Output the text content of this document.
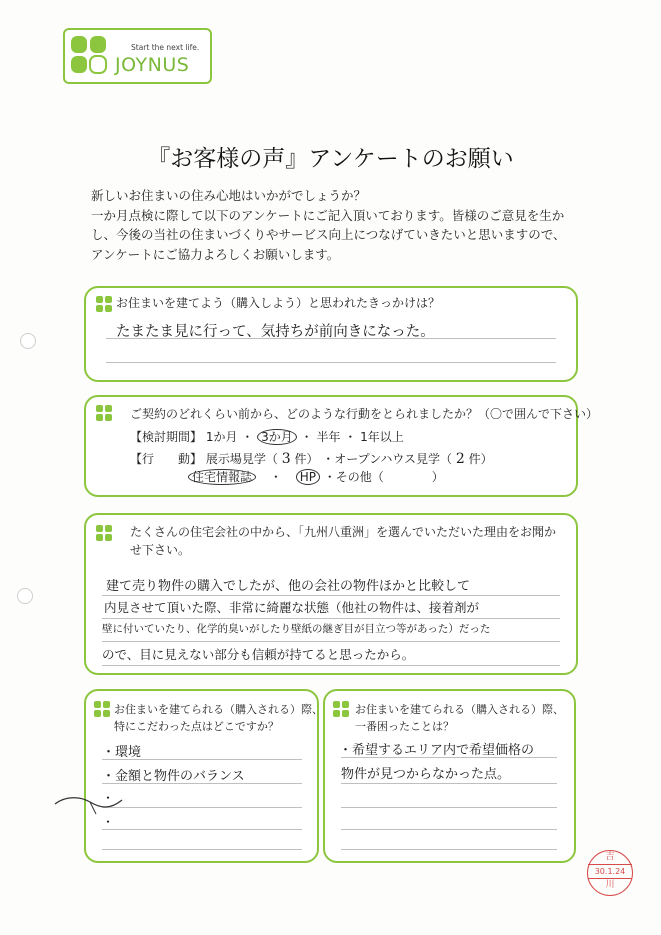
Start the next life.
JOYNUS
『お客様の声』アンケートのお願い
新しいお住まいの住み心地はいかがでしょうか？
一か月点検に際して以下のアンケートにご記入頂いております。皆様のご意見を生か
し、今後の当社の住まいづくりやサービス向上につなげていきたいと思いますので、
アンケートにご協力よろしくお願いします。
お住まいを建てよう（購入しよう）と思われたきっかけは？
たまたま見に行って、気持ちが前向きになった。
ご契約のどれくらい前から、どのような行動をとられましたか？（〇で囲んで下さい）
【検討期間】 1か月 ・ 3か月 ・ 半年 ・ 1年以上
【行　　動】 展示場見学（ 3 件） ・オープンハウス見学（ 2 件）
住宅情報誌 ・ HP ・その他（　　　　）
たくさんの住宅会社の中から、「九州八重洲」を選んでいただいた理由をお聞か
せ下さい。
建て売り物件の購入でしたが、他の会社の物件ほかと比較して
内見させて頂いた際、非常に綺麗な状態（他社の物件は、接着剤が
壁に付いていたり、化学的臭いがしたり壁紙の継ぎ目が目立つ等があった）だった
ので、目に見えない部分も信頼が持てると思ったから。
お住まいを建てられる（購入される）際、
特にこだわった点はどこですか？
・環境
・金額と物件のバランス
・
・
お住まいを建てられる（購入される）際、
一番困ったことは？
・希望するエリア内で希望価格の
物件が見つからなかった点。
吉
30.1.24
川
